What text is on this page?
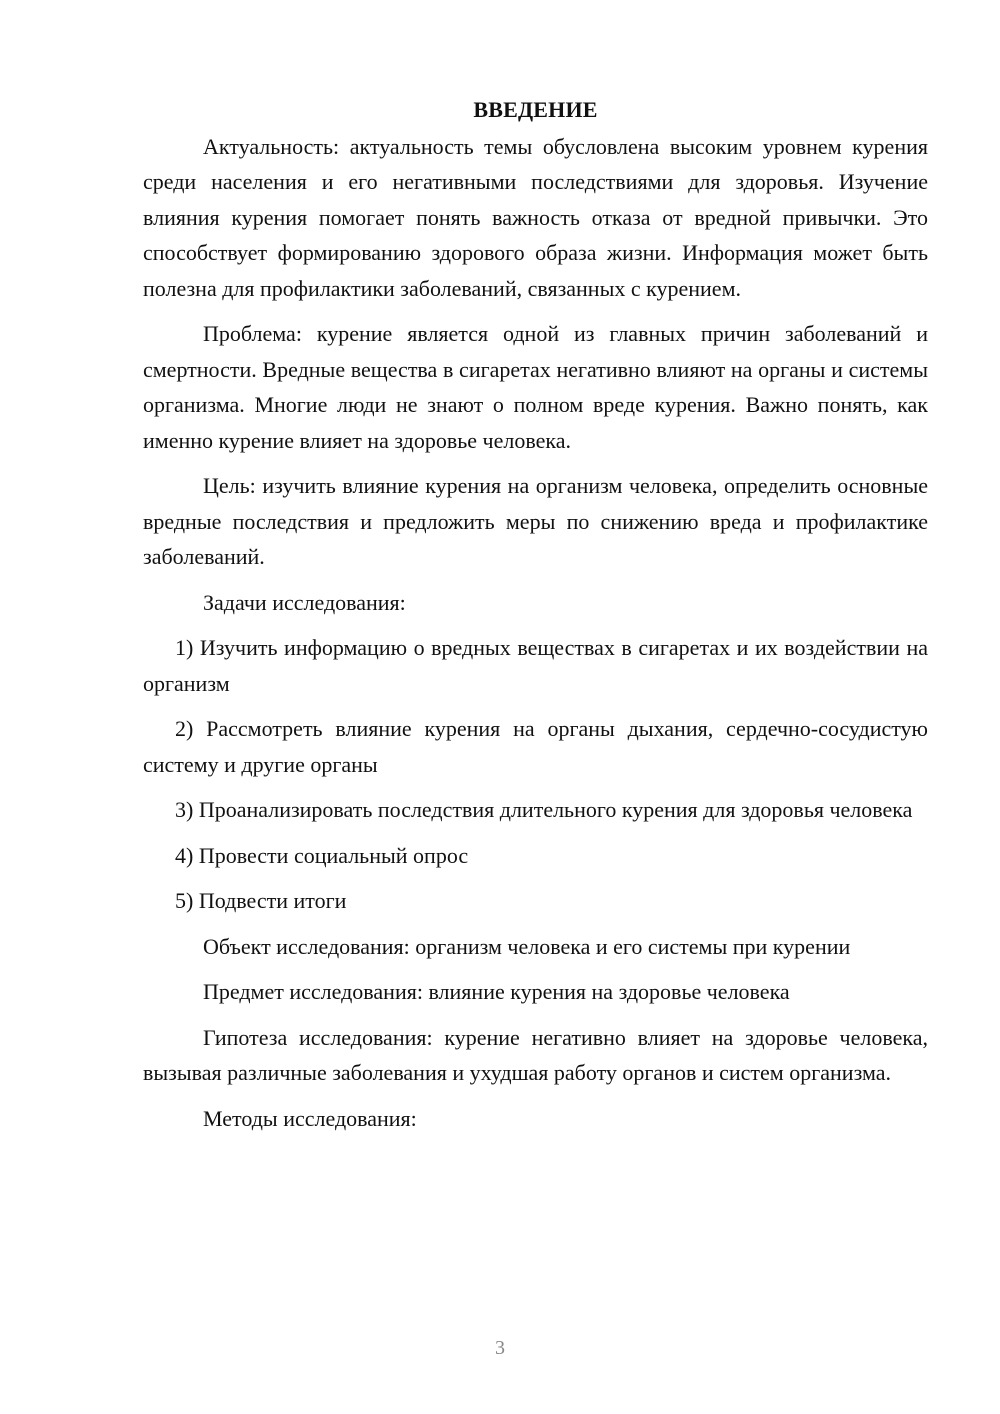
ВВЕДЕНИЕ

Актуальность: актуальность темы обусловлена высоким уровнем курения среди населения и его негативными последствиями для здоровья. Изучение влияния курения помогает понять важность отказа от вредной привычки. Это способствует формированию здорового образа жизни. Информация может быть полезна для профилактики заболеваний, связанных с курением.

Проблема: курение является одной из главных причин заболеваний и смертности. Вредные вещества в сигаретах негативно влияют на органы и системы организма. Многие люди не знают о полном вреде курения. Важно понять, как именно курение влияет на здоровье человека.

Цель: изучить влияние курения на организм человека, определить основные вредные последствия и предложить меры по снижению вреда и профилактике заболеваний.

Задачи исследования:

1) Изучить информацию о вредных веществах в сигаретах и их воздействии на организм

2) Рассмотреть влияние курения на органы дыхания, сердечно-сосудистую систему и другие органы

3) Проанализировать последствия длительного курения для здоровья человека

4) Провести социальный опрос

5) Подвести итоги

Объект исследования: организм человека и его системы при курении

Предмет исследования: влияние курения на здоровье человека

Гипотеза исследования: курение негативно влияет на здоровье человека, вызывая различные заболевания и ухудшая работу органов и систем организма.

Методы исследования:

3
